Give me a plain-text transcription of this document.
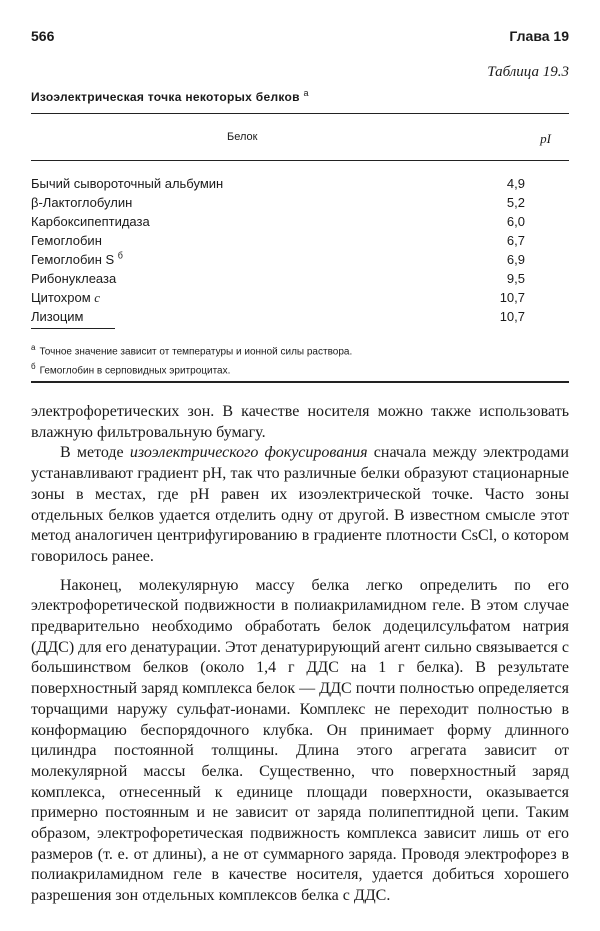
566	Глава 19
Таблица 19.3
Изоэлектрическая точка некоторых белков $^а$
Белок	pI
Бычий сывороточный альбумин	4,9
β-Лактоглобулин	5,2
Карбоксипептидаза	6,0
Гемоглобин	6,7
Гемоглобин S $^б$	6,9
Рибонуклеаза	9,5
Цитохром c	10,7
Лизоцим	10,7
$^а$ Точное значение зависит от температуры и ионной силы раствора.
$^б$ Гемоглобин в серповидных эритроцитах.

электрофоретических зон. В качестве носителя можно также использовать влажную фильтровальную бумагу.

В методе изоэлектрического фокусирования сначала между электродами устанавливают градиент pH, так что различные белки образуют стационарные зоны в местах, где pH равен их изоэлектрической точке. Часто зоны отдельных белков удается отделить одну от другой. В известном смысле этот метод аналогичен центрифугированию в градиенте плотности CsCl, о котором говорилось ранее.

Наконец, молекулярную массу белка легко определить по его электрофоретической подвижности в полиакриламидном геле. В этом случае предварительно необходимо обработать белок додецилсульфатом натрия (ДДС) для его денатурации. Этот денатурирующий агент сильно связывается с большинством белков (около 1,4 г ДДС на 1 г белка). В результате поверхностный заряд комплекса белок — ДДС почти полностью определяется торчащими наружу сульфат-ионами. Комплекс не переходит полностью в конформацию беспорядочного клубка. Он принимает форму длинного цилиндра постоянной толщины. Длина этого агрегата зависит от молекулярной массы белка. Существенно, что поверхностный заряд комплекса, отнесенный к единице площади поверхности, оказывается примерно постоянным и не зависит от заряда полипептидной цепи. Таким образом, электрофоретическая подвижность комплекса зависит лишь от его размеров (т. е. от длины), а не от суммарного заряда. Проводя электрофорез в полиакриламидном геле в качестве носителя, удается добиться хорошего разрешения зон отдельных комплексов белка с ДДС.
